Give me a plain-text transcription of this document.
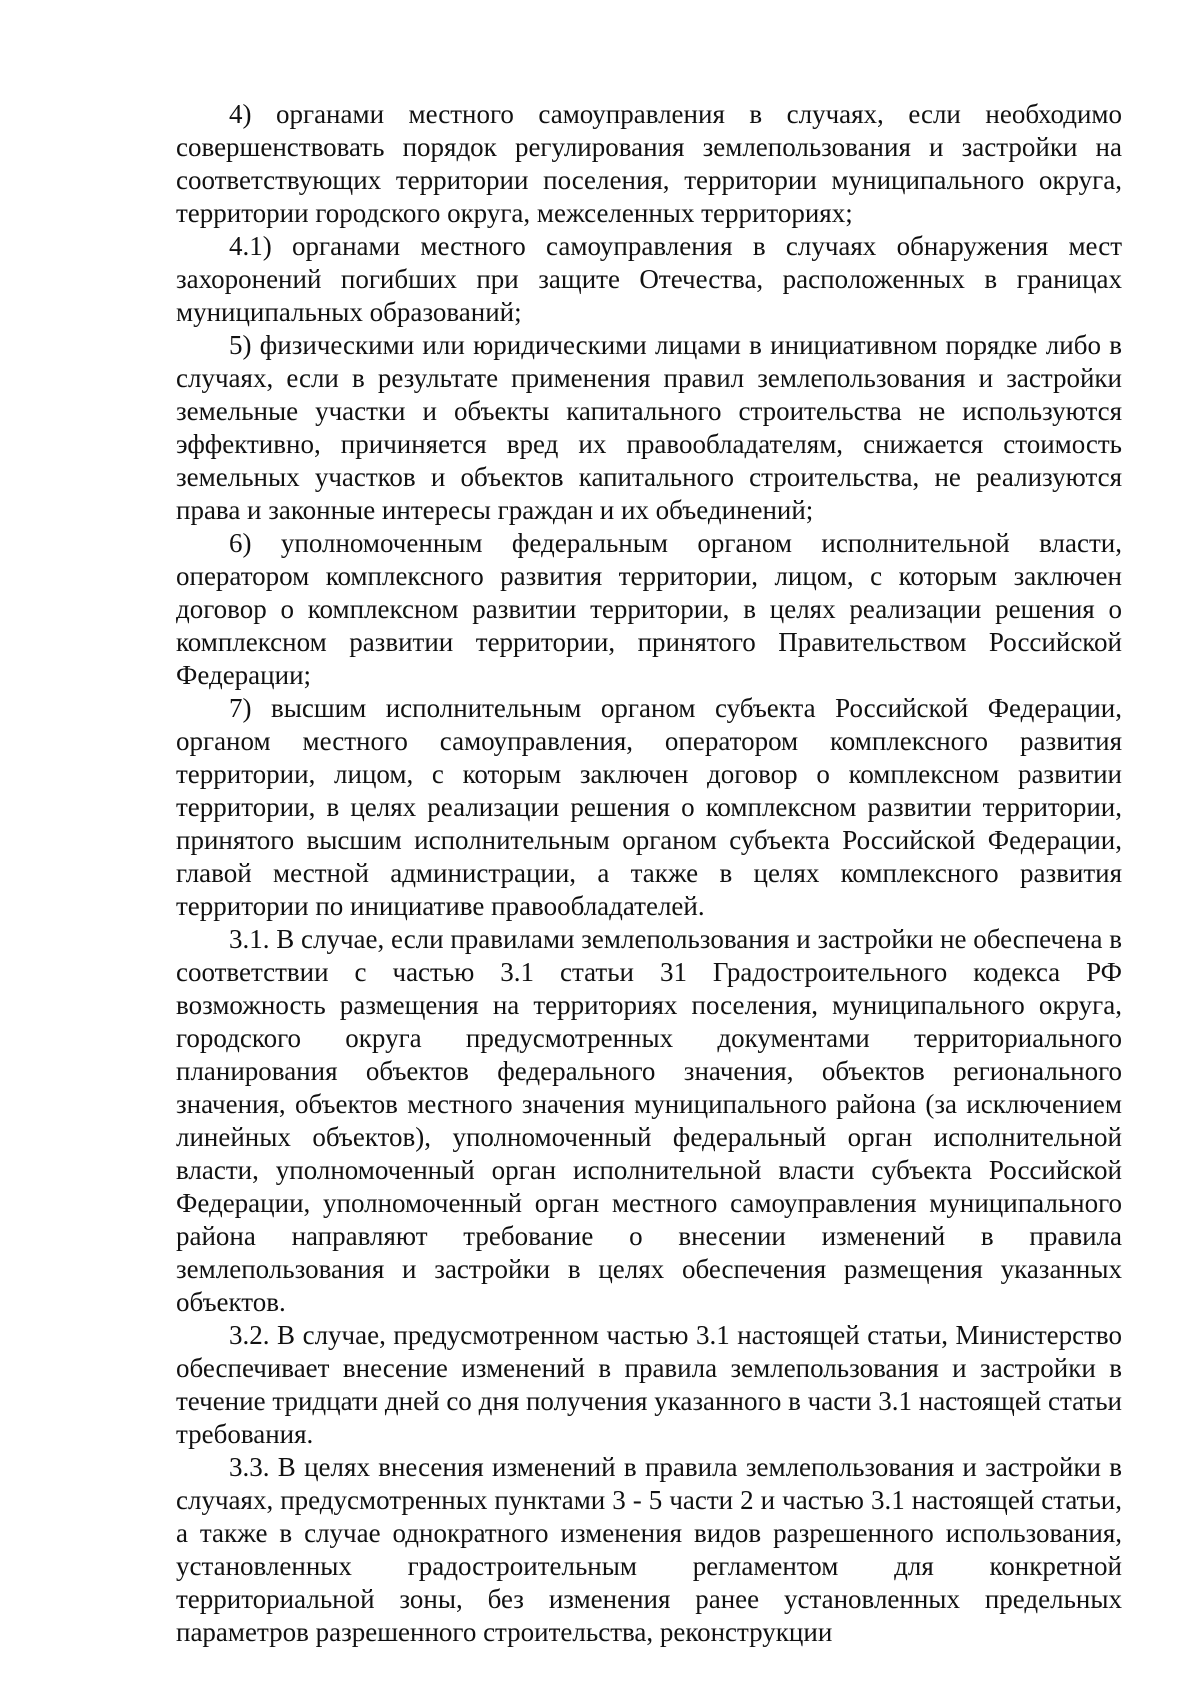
4) органами местного самоуправления в случаях, если необходимо совершенствовать порядок регулирования землепользования и застройки на соответствующих территории поселения, территории муниципального округа, территории городского округа, межселенных территориях;

4.1) органами местного самоуправления в случаях обнаружения мест захоронений погибших при защите Отечества, расположенных в границах муниципальных образований;

5) физическими или юридическими лицами в инициативном порядке либо в случаях, если в результате применения правил землепользования и застройки земельные участки и объекты капитального строительства не используются эффективно, причиняется вред их правообладателям, снижается стоимость земельных участков и объектов капитального строительства, не реализуются права и законные интересы граждан и их объединений;

6) уполномоченным федеральным органом исполнительной власти, оператором комплексного развития территории, лицом, с которым заключен договор о комплексном развитии территории, в целях реализации решения о комплексном развитии территории, принятого Правительством Российской Федерации;

7) высшим исполнительным органом субъекта Российской Федерации, органом местного самоуправления, оператором комплексного развития территории, лицом, с которым заключен договор о комплексном развитии территории, в целях реализации решения о комплексном развитии территории, принятого высшим исполнительным органом субъекта Российской Федерации, главой местной администрации, а также в целях комплексного развития территории по инициативе правообладателей.

3.1. В случае, если правилами землепользования и застройки не обеспечена в соответствии с частью 3.1 статьи 31 Градостроительного кодекса РФ возможность размещения на территориях поселения, муниципального округа, городского округа предусмотренных документами территориального планирования объектов федерального значения, объектов регионального значения, объектов местного значения муниципального района (за исключением линейных объектов), уполномоченный федеральный орган исполнительной власти, уполномоченный орган исполнительной власти субъекта Российской Федерации, уполномоченный орган местного самоуправления муниципального района направляют требование о внесении изменений в правила землепользования и застройки в целях обеспечения размещения указанных объектов.

3.2. В случае, предусмотренном частью 3.1 настоящей статьи, Министерство обеспечивает внесение изменений в правила землепользования и застройки в течение тридцати дней со дня получения указанного в части 3.1 настоящей статьи требования.

3.3. В целях внесения изменений в правила землепользования и застройки в случаях, предусмотренных пунктами 3 - 5 части 2 и частью 3.1 настоящей статьи, а также в случае однократного изменения видов разрешенного использования, установленных градостроительным регламентом для конкретной территориальной зоны, без изменения ранее установленных предельных параметров разрешенного строительства, реконструкции
